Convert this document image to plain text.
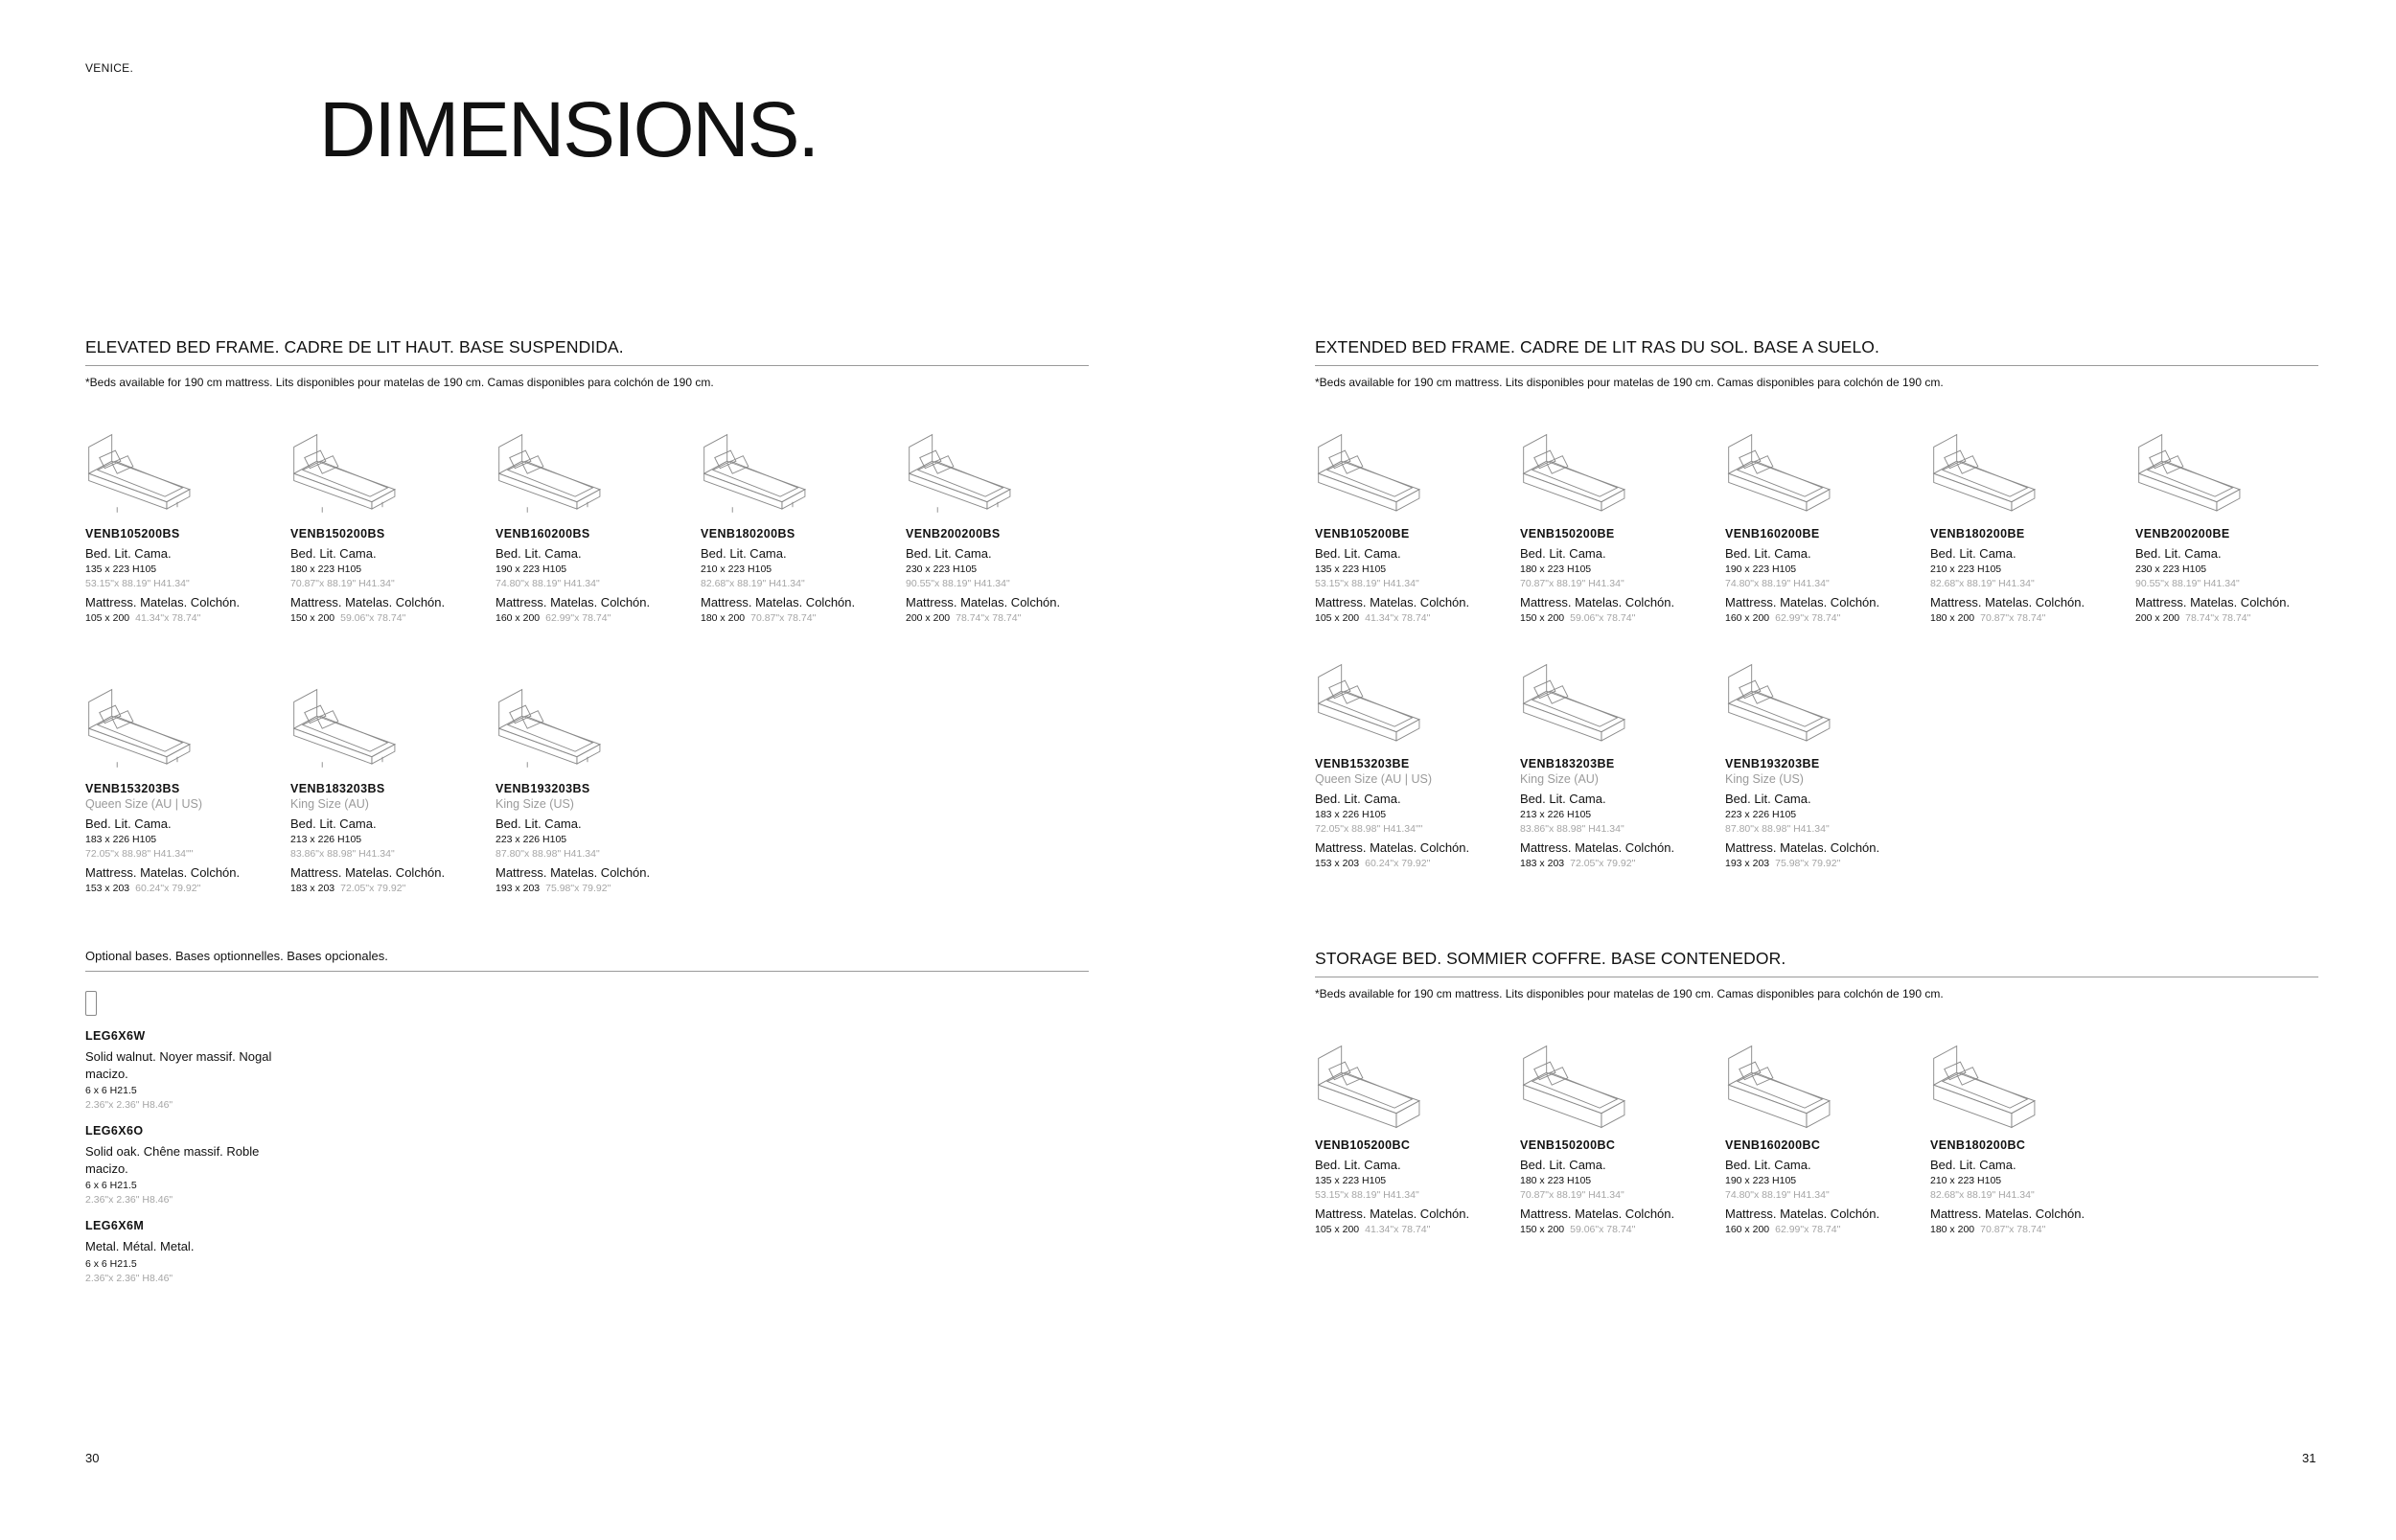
VENICE.
DIMENSIONS.
ELEVATED BED FRAME. CADRE DE LIT HAUT. BASE SUSPENDIDA.
*Beds available for 190 cm mattress. Lits disponibles pour matelas de 190 cm. Camas disponibles para colchón de 190 cm.
VENB105200BS
Bed. Lit. Cama.
135 x 223 H105
53.15"x 88.19" H41.34"
Mattress. Matelas. Colchón.
105 x 200 41.34"x 78.74"
VENB150200BS
Bed. Lit. Cama.
180 x 223 H105
70.87"x 88.19" H41.34"
Mattress. Matelas. Colchón.
150 x 200 59.06"x 78.74"
VENB160200BS
Bed. Lit. Cama.
190 x 223 H105
74.80"x 88.19" H41.34"
Mattress. Matelas. Colchón.
160 x 200 62.99"x 78.74"
VENB180200BS
Bed. Lit. Cama.
210 x 223 H105
82.68"x 88.19" H41.34"
Mattress. Matelas. Colchón.
180 x 200 70.87"x 78.74"
VENB200200BS
Bed. Lit. Cama.
230 x 223 H105
90.55"x 88.19" H41.34"
Mattress. Matelas. Colchón.
200 x 200 78.74"x 78.74"
VENB153203BS
Queen Size (AU | US)
Bed. Lit. Cama.
183 x 226 H105
72.05"x 88.98" H41.34""
Mattress. Matelas. Colchón.
153 x 203 60.24"x 79.92"
VENB183203BS
King Size (AU)
Bed. Lit. Cama.
213 x 226 H105
83.86"x 88.98" H41.34"
Mattress. Matelas. Colchón.
183 x 203 72.05"x 79.92"
VENB193203BS
King Size (US)
Bed. Lit. Cama.
223 x 226 H105
87.80"x 88.98" H41.34"
Mattress. Matelas. Colchón.
193 x 203 75.98"x 79.92"
EXTENDED BED FRAME. CADRE DE LIT RAS DU SOL. BASE A SUELO.
*Beds available for 190 cm mattress. Lits disponibles pour matelas de 190 cm. Camas disponibles para colchón de 190 cm.
VENB105200BE
Bed. Lit. Cama.
135 x 223 H105
53.15"x 88.19" H41.34"
Mattress. Matelas. Colchón.
105 x 200 41.34"x 78.74"
VENB150200BE
Bed. Lit. Cama.
180 x 223 H105
70.87"x 88.19" H41.34"
Mattress. Matelas. Colchón.
150 x 200 59.06"x 78.74"
VENB160200BE
Bed. Lit. Cama.
190 x 223 H105
74.80"x 88.19" H41.34"
Mattress. Matelas. Colchón.
160 x 200 62.99"x 78.74"
VENB180200BE
Bed. Lit. Cama.
210 x 223 H105
82.68"x 88.19" H41.34"
Mattress. Matelas. Colchón.
180 x 200 70.87"x 78.74"
VENB200200BE
Bed. Lit. Cama.
230 x 223 H105
90.55"x 88.19" H41.34"
Mattress. Matelas. Colchón.
200 x 200 78.74"x 78.74"
VENB153203BE
Queen Size (AU | US)
Bed. Lit. Cama.
183 x 226 H105
72.05"x 88.98" H41.34""
Mattress. Matelas. Colchón.
153 x 203 60.24"x 79.92"
VENB183203BE
King Size (AU)
Bed. Lit. Cama.
213 x 226 H105
83.86"x 88.98" H41.34"
Mattress. Matelas. Colchón.
183 x 203 72.05"x 79.92"
VENB193203BE
King Size (US)
Bed. Lit. Cama.
223 x 226 H105
87.80"x 88.98" H41.34"
Mattress. Matelas. Colchón.
193 x 203 75.98"x 79.92"
STORAGE BED. SOMMIER COFFRE. BASE CONTENEDOR.
*Beds available for 190 cm mattress. Lits disponibles pour matelas de 190 cm. Camas disponibles para colchón de 190 cm.
VENB105200BC
Bed. Lit. Cama.
135 x 223 H105
53.15"x 88.19" H41.34"
Mattress. Matelas. Colchón.
105 x 200 41.34"x 78.74"
VENB150200BC
Bed. Lit. Cama.
180 x 223 H105
70.87"x 88.19" H41.34"
Mattress. Matelas. Colchón.
150 x 200 59.06"x 78.74"
VENB160200BC
Bed. Lit. Cama.
190 x 223 H105
74.80"x 88.19" H41.34"
Mattress. Matelas. Colchón.
160 x 200 62.99"x 78.74"
VENB180200BC
Bed. Lit. Cama.
210 x 223 H105
82.68"x 88.19" H41.34"
Mattress. Matelas. Colchón.
180 x 200 70.87"x 78.74"
Optional bases. Bases optionnelles. Bases opcionales.
LEG6X6W
Solid walnut. Noyer massif. Nogal macizo.
6 x 6 H21.5
2.36"x 2.36" H8.46"
LEG6X6O
Solid oak. Chêne massif. Roble macizo.
6 x 6 H21.5
2.36"x 2.36" H8.46"
LEG6X6M
Metal. Métal. Metal.
6 x 6 H21.5
2.36"x 2.36" H8.46"
30	31
